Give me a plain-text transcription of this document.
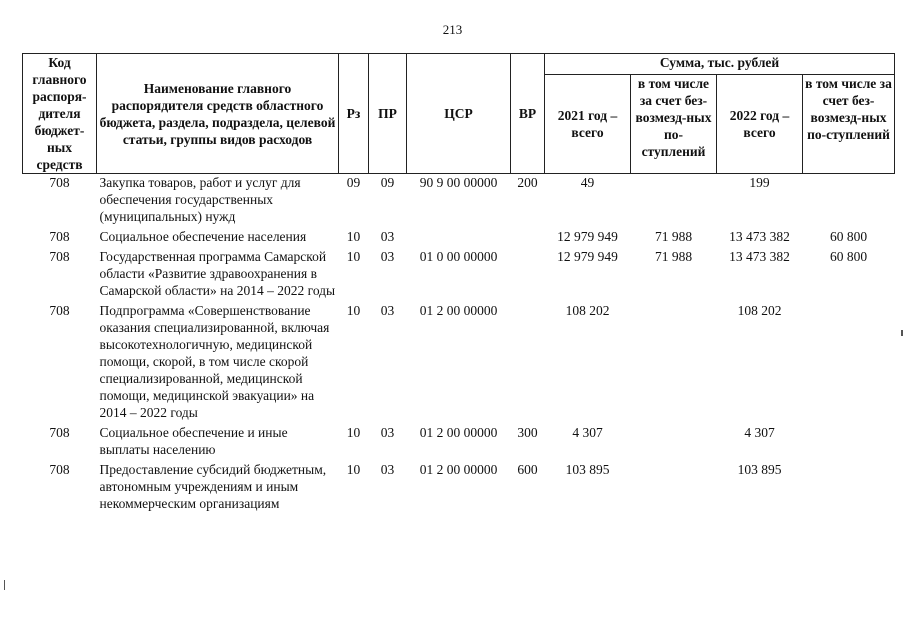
213
Код главного распоря-дителя бюджет-ных средств	Наименование главного распорядителя средств областного бюджета, раздела, подраздела, целевой статьи, группы видов расходов	Рз	ПР	ЦСР	ВР	Сумма, тыс. рублей			
						2021 год – всего	в том числе за счет без-возмезд-ных по-ступлений	2022 год – всего	в том числе за счет без-возмезд-ных по-ступлений
708	Закупка товаров, работ и услуг для обеспечения государственных (муниципальных) нужд	09	09	90 9 00 00000	200	49		199	
708	Социальное обеспечение населения	10	03			12 979 949	71 988	13 473 382	60 800
708	Государственная программа Самарской области «Развитие здравоохранения в Самарской области» на 2014 – 2022 годы	10	03	01 0 00 00000		12 979 949	71 988	13 473 382	60 800
708	Подпрограмма «Совершенствование оказания специализированной, включая высокотехнологичную, медицинской помощи, скорой, в том числе скорой специализированной, медицинской помощи, медицинской эвакуации» на 2014 – 2022 годы	10	03	01 2 00 00000		108 202		108 202	
708	Социальное обеспечение и иные выплаты населению	10	03	01 2 00 00000	300	4 307		4 307	
708	Предоставление субсидий бюджетным, автономным учреждениям и иным некоммерческим организациям	10	03	01 2 00 00000	600	103 895		103 895	
